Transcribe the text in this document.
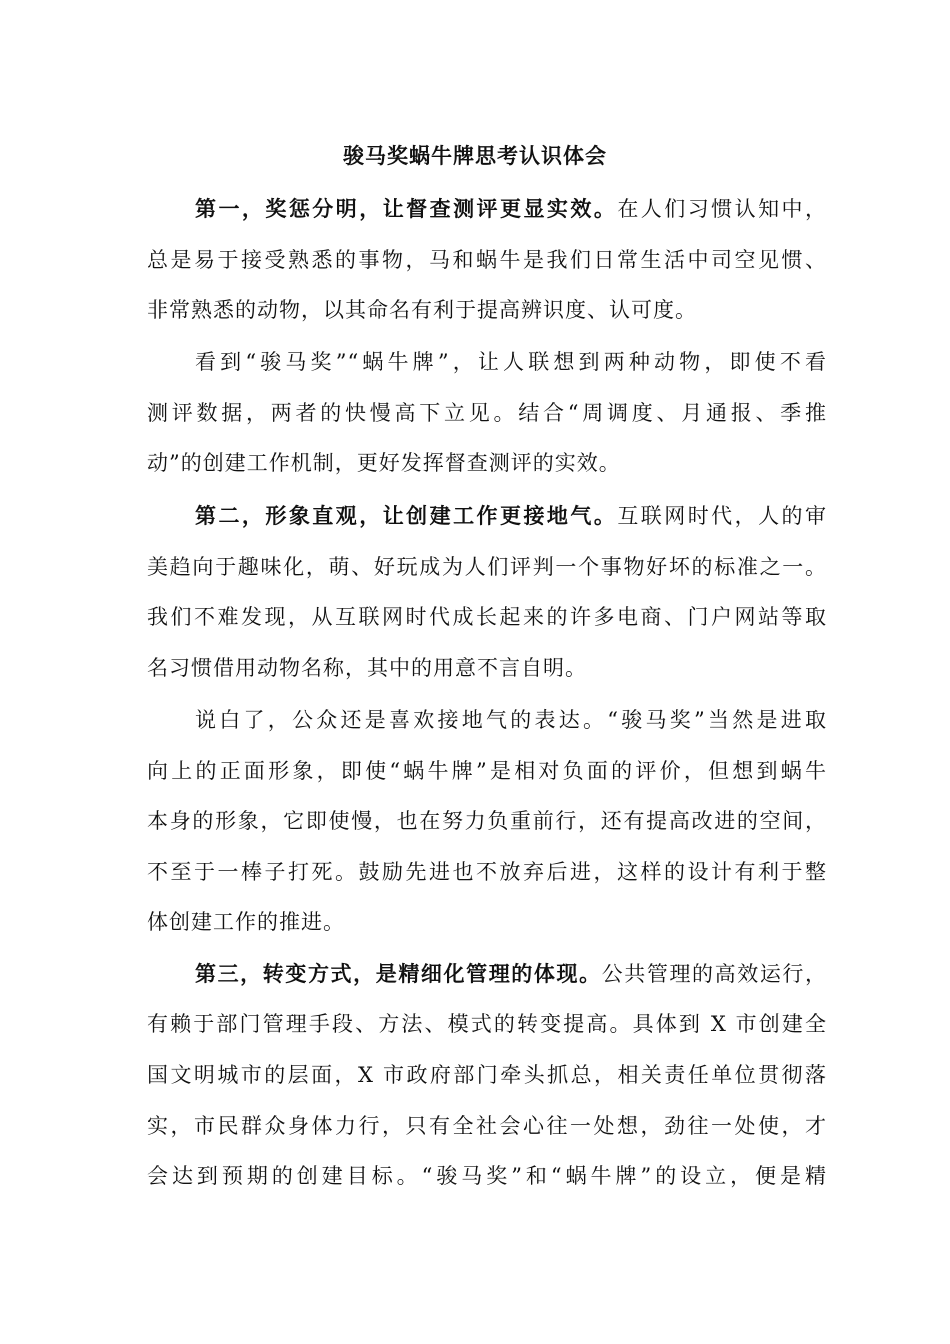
骏马奖蜗牛牌思考认识体会

第一，奖惩分明，让督查测评更显实效。在人们习惯认知中，

总是易于接受熟悉的事物，马和蜗牛是我们日常生活中司空见惯、

非常熟悉的动物，以其命名有利于提高辨识度、认可度。

看到“骏马奖”“蜗牛牌”，让人联想到两种动物，即使不看

测评数据，两者的快慢高下立见。结合“周调度、月通报、季推

动”的创建工作机制，更好发挥督查测评的实效。

第二，形象直观，让创建工作更接地气。互联网时代，人的审

美趋向于趣味化，萌、好玩成为人们评判一个事物好坏的标准之一。

我们不难发现，从互联网时代成长起来的许多电商、门户网站等取

名习惯借用动物名称，其中的用意不言自明。

说白了，公众还是喜欢接地气的表达。“骏马奖”当然是进取

向上的正面形象，即使“蜗牛牌”是相对负面的评价，但想到蜗牛

本身的形象，它即使慢，也在努力负重前行，还有提高改进的空间，

不至于一棒子打死。鼓励先进也不放弃后进，这样的设计有利于整

体创建工作的推进。

第三，转变方式，是精细化管理的体现。公共管理的高效运行，

有赖于部门管理手段、方法、模式的转变提高。具体到 X 市创建全

国文明城市的层面，X 市政府部门牵头抓总，相关责任单位贯彻落

实，市民群众身体力行，只有全社会心往一处想，劲往一处使，才

会达到预期的创建目标。“骏马奖”和“蜗牛牌”的设立，便是精
